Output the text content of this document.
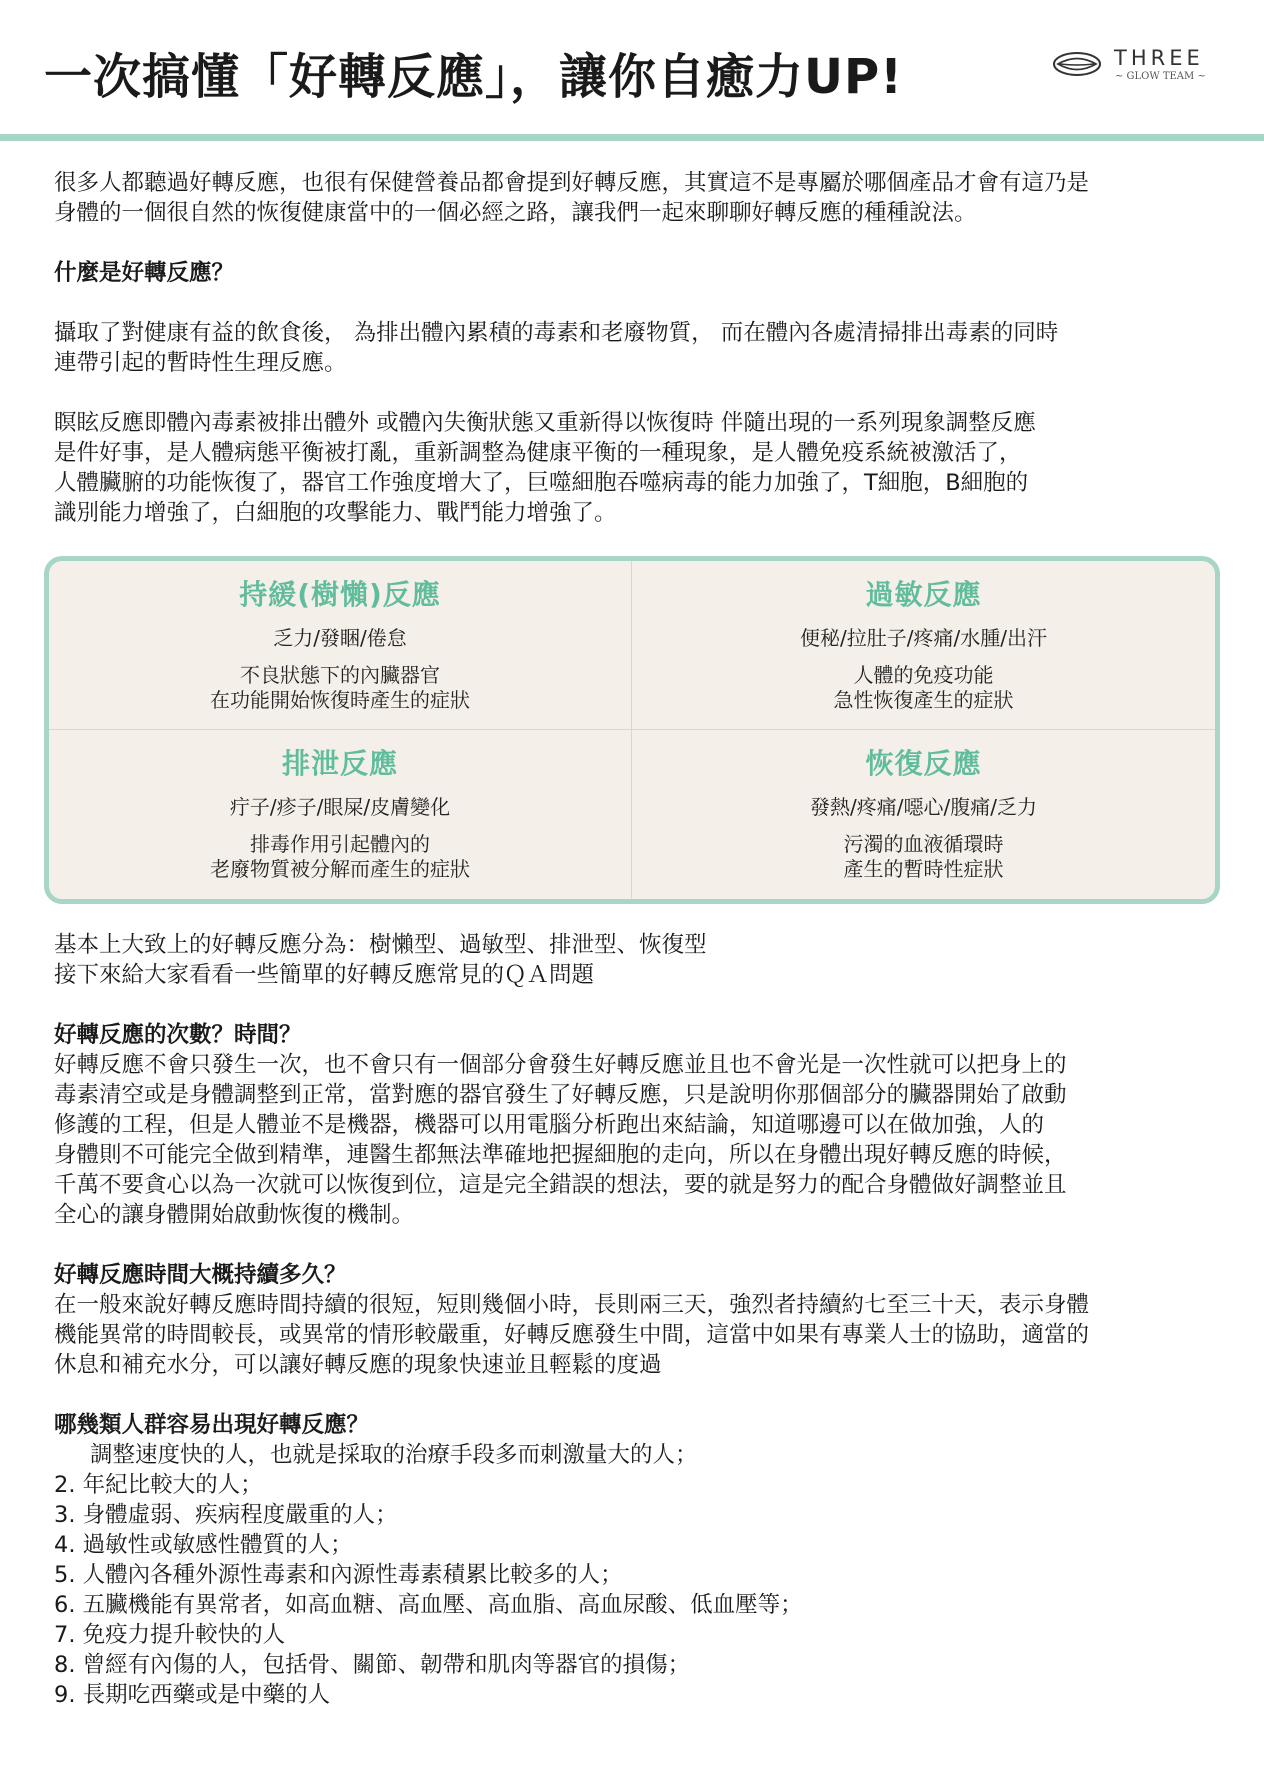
一次搞懂「好轉反應」，讓你自癒力UP!	THREE
~ GLOW TEAM ~

很多人都聽過好轉反應，也很有保健營養品都會提到好轉反應，其實這不是專屬於哪個產品才會有這乃是

身體的一個很自然的恢復健康當中的一個必經之路，讓我們一起來聊聊好轉反應的種種說法。

什麼是好轉反應？

攝取了對健康有益的飲食後， 為排出體內累積的毒素和老廢物質， 而在體內各處清掃排出毒素的同時

連帶引起的暫時性生理反應。

瞑眩反應即體內毒素被排出體外 或體內失衡狀態又重新得以恢復時 伴隨出現的一系列現象調整反應

是件好事，是人體病態平衡被打亂，重新調整為健康平衡的一種現象，是人體免疫系統被激活了，

人體臟腑的功能恢復了，器官工作強度增大了，巨噬細胞吞噬病毒的能力加強了，T細胞，B細胞的

識別能力增強了，白細胞的攻擊能力、戰鬥能力增強了。

持緩(樹懶)反應
乏力/發睏/倦怠
不良狀態下的內臟器官
在功能開始恢復時產生的症狀
過敏反應
便秘/拉肚子/疼痛/水腫/出汗
人體的免疫功能
急性恢復產生的症狀
排泄反應
疔子/疹子/眼屎/皮膚變化
排毒作用引起體內的
老廢物質被分解而產生的症狀
恢復反應
發熱/疼痛/噁心/腹痛/乏力
污濁的血液循環時
產生的暫時性症狀

基本上大致上的好轉反應分為：樹懶型、過敏型、排泄型、恢復型

接下來給大家看看一些簡單的好轉反應常見的ＱＡ問題

好轉反應的次數？時間？

好轉反應不會只發生一次，也不會只有一個部分會發生好轉反應並且也不會光是一次性就可以把身上的

毒素清空或是身體調整到正常，當對應的器官發生了好轉反應，只是說明你那個部分的臟器開始了啟動

修護的工程，但是人體並不是機器，機器可以用電腦分析跑出來結論，知道哪邊可以在做加強，人的

身體則不可能完全做到精準，連醫生都無法準確地把握細胞的走向，所以在身體出現好轉反應的時候，

千萬不要貪心以為一次就可以恢復到位，這是完全錯誤的想法，要的就是努力的配合身體做好調整並且

全心的讓身體開始啟動恢復的機制。

好轉反應時間大概持續多久？

在一般來說好轉反應時間持續的很短，短則幾個小時，長則兩三天，強烈者持續約七至三十天，表示身體

機能異常的時間較長，或異常的情形較嚴重，好轉反應發生中間，這當中如果有專業人士的協助，適當的

休息和補充水分，可以讓好轉反應的現象快速並且輕鬆的度過

哪幾類人群容易出現好轉反應？

調整速度快的人，也就是採取的治療手段多而刺激量大的人；

2. 年紀比較大的人；

3. 身體虛弱、疾病程度嚴重的人；

4. 過敏性或敏感性體質的人；

5. 人體內各種外源性毒素和內源性毒素積累比較多的人；

6. 五臟機能有異常者，如高血糖、高血壓、高血脂、高血尿酸、低血壓等；

7. 免疫力提升較快的人

8. 曾經有內傷的人，包括骨、關節、韌帶和肌肉等器官的損傷；

9. 長期吃西藥或是中藥的人
